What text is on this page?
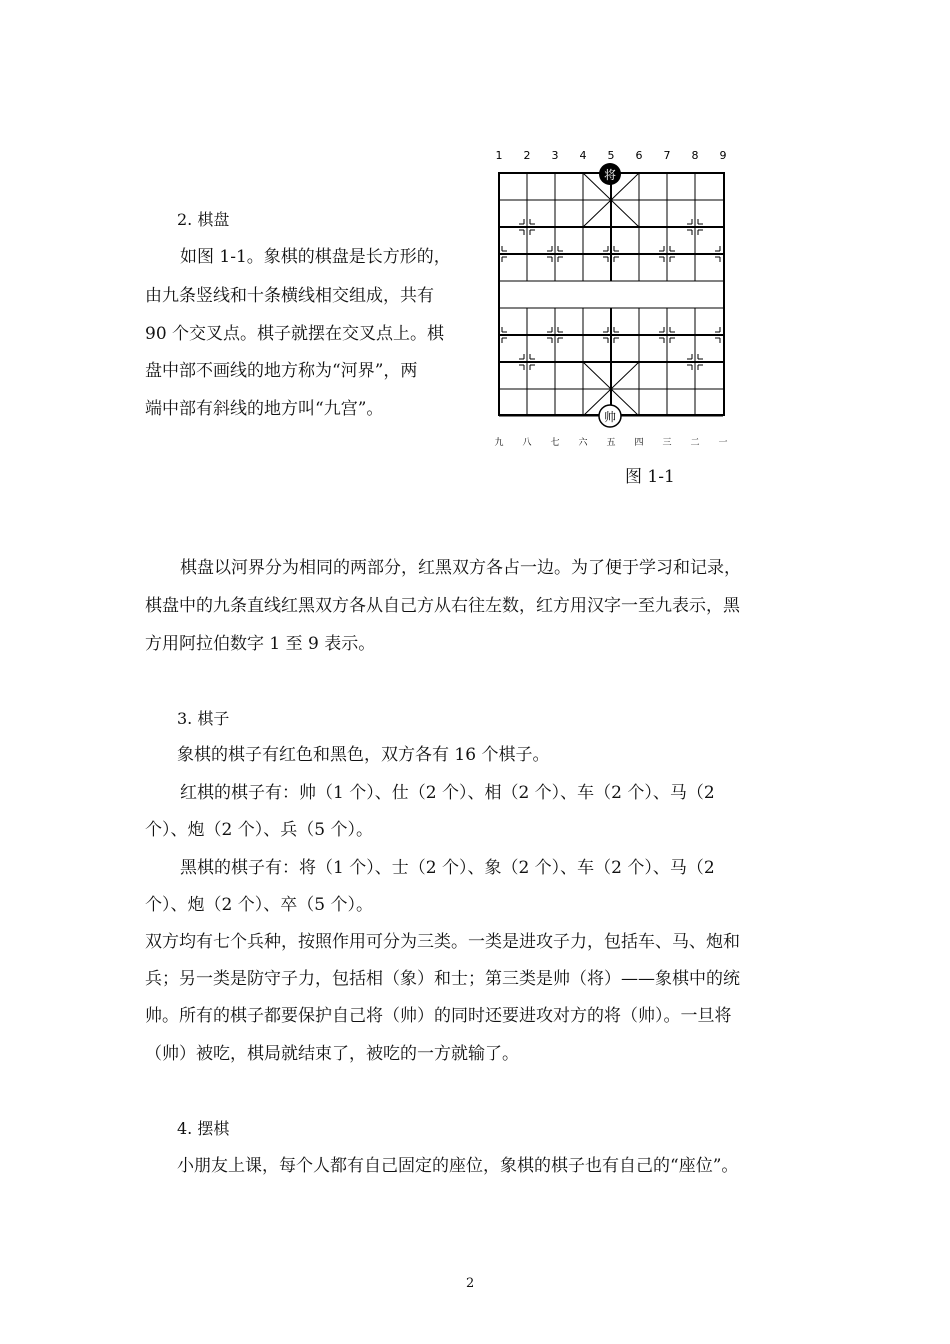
2. 棋盘

如图 1-1。象棋的棋盘是长方形的，

由九条竖线和十条横线相交组成，共有

90 个交叉点。棋子就摆在交叉点上。棋

盘中部不画线的地方称为“河界”，两

端中部有斜线的地方叫“九宫”。

1 2 3 4 5 6 7 8 9
九 八 七 六 五 四 三 二 一
将
帅
图 1-1

棋盘以河界分为相同的两部分，红黑双方各占一边。为了便于学习和记录，

棋盘中的九条直线红黑双方各从自己方从右往左数，红方用汉字一至九表示，黑

方用阿拉伯数字 1 至 9 表示。

3. 棋子

象棋的棋子有红色和黑色，双方各有 16 个棋子。

红棋的棋子有：帅（1 个）、仕（2 个）、相（2 个）、车（2 个）、马（2

个）、炮（2 个）、兵（5 个）。

黑棋的棋子有：将（1 个）、士（2 个）、象（2 个）、车（2 个）、马（2

个）、炮（2 个）、卒（5 个）。

双方均有七个兵种，按照作用可分为三类。一类是进攻子力，包括车、马、炮和

兵；另一类是防守子力，包括相（象）和士；第三类是帅（将）——象棋中的统

帅。所有的棋子都要保护自己将（帅）的同时还要进攻对方的将（帅）。一旦将

（帅）被吃，棋局就结束了，被吃的一方就输了。

4. 摆棋

小朋友上课，每个人都有自己固定的座位，象棋的棋子也有自己的“座位”。

2
